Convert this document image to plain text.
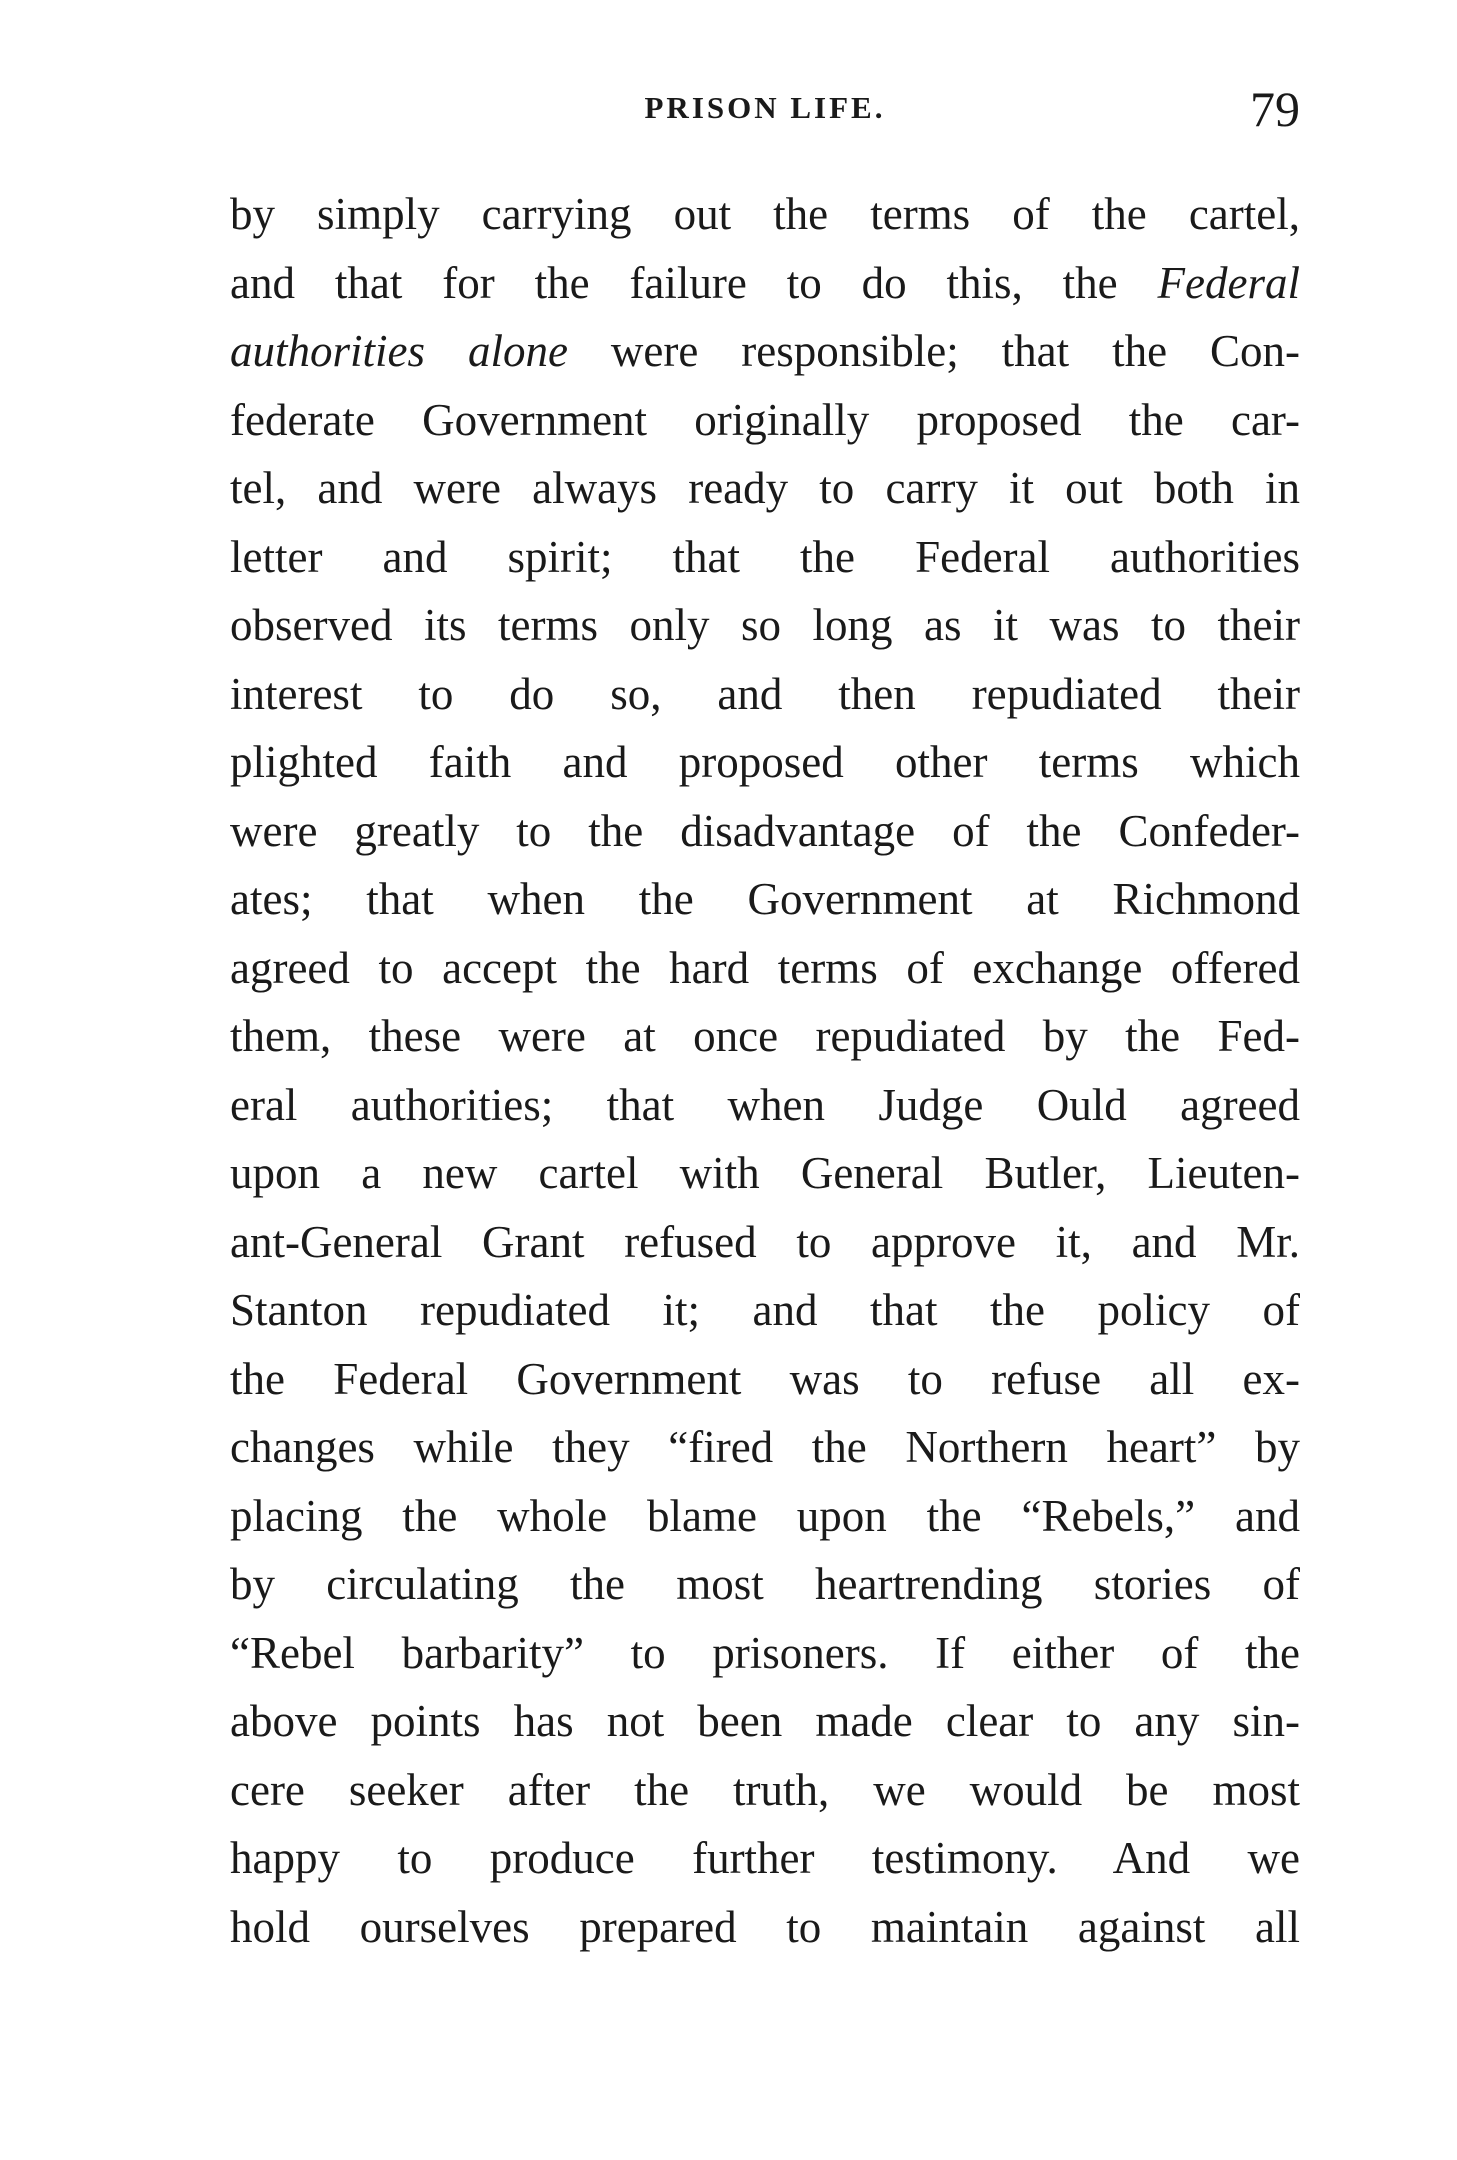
PRISON LIFE.	79
by simply carrying out the terms of the cartel,
and that for the failure to do this, the Federal
authorities alone were responsible; that the Con-
federate Government originally proposed the car-
tel, and were always ready to carry it out both in
letter and spirit; that the Federal authorities
observed its terms only so long as it was to their
interest to do so, and then repudiated their
plighted faith and proposed other terms which
were greatly to the disadvantage of the Confeder-
ates; that when the Government at Richmond
agreed to accept the hard terms of exchange offered
them, these were at once repudiated by the Fed-
eral authorities; that when Judge Ould agreed
upon a new cartel with General Butler, Lieuten-
ant-General Grant refused to approve it, and Mr.
Stanton repudiated it; and that the policy of
the Federal Government was to refuse all ex-
changes while they “fired the Northern heart” by
placing the whole blame upon the “Rebels,” and
by circulating the most heartrending stories of
“Rebel barbarity” to prisoners. If either of the
above points has not been made clear to any sin-
cere seeker after the truth, we would be most
happy to produce further testimony. And we
hold ourselves prepared to maintain against all
